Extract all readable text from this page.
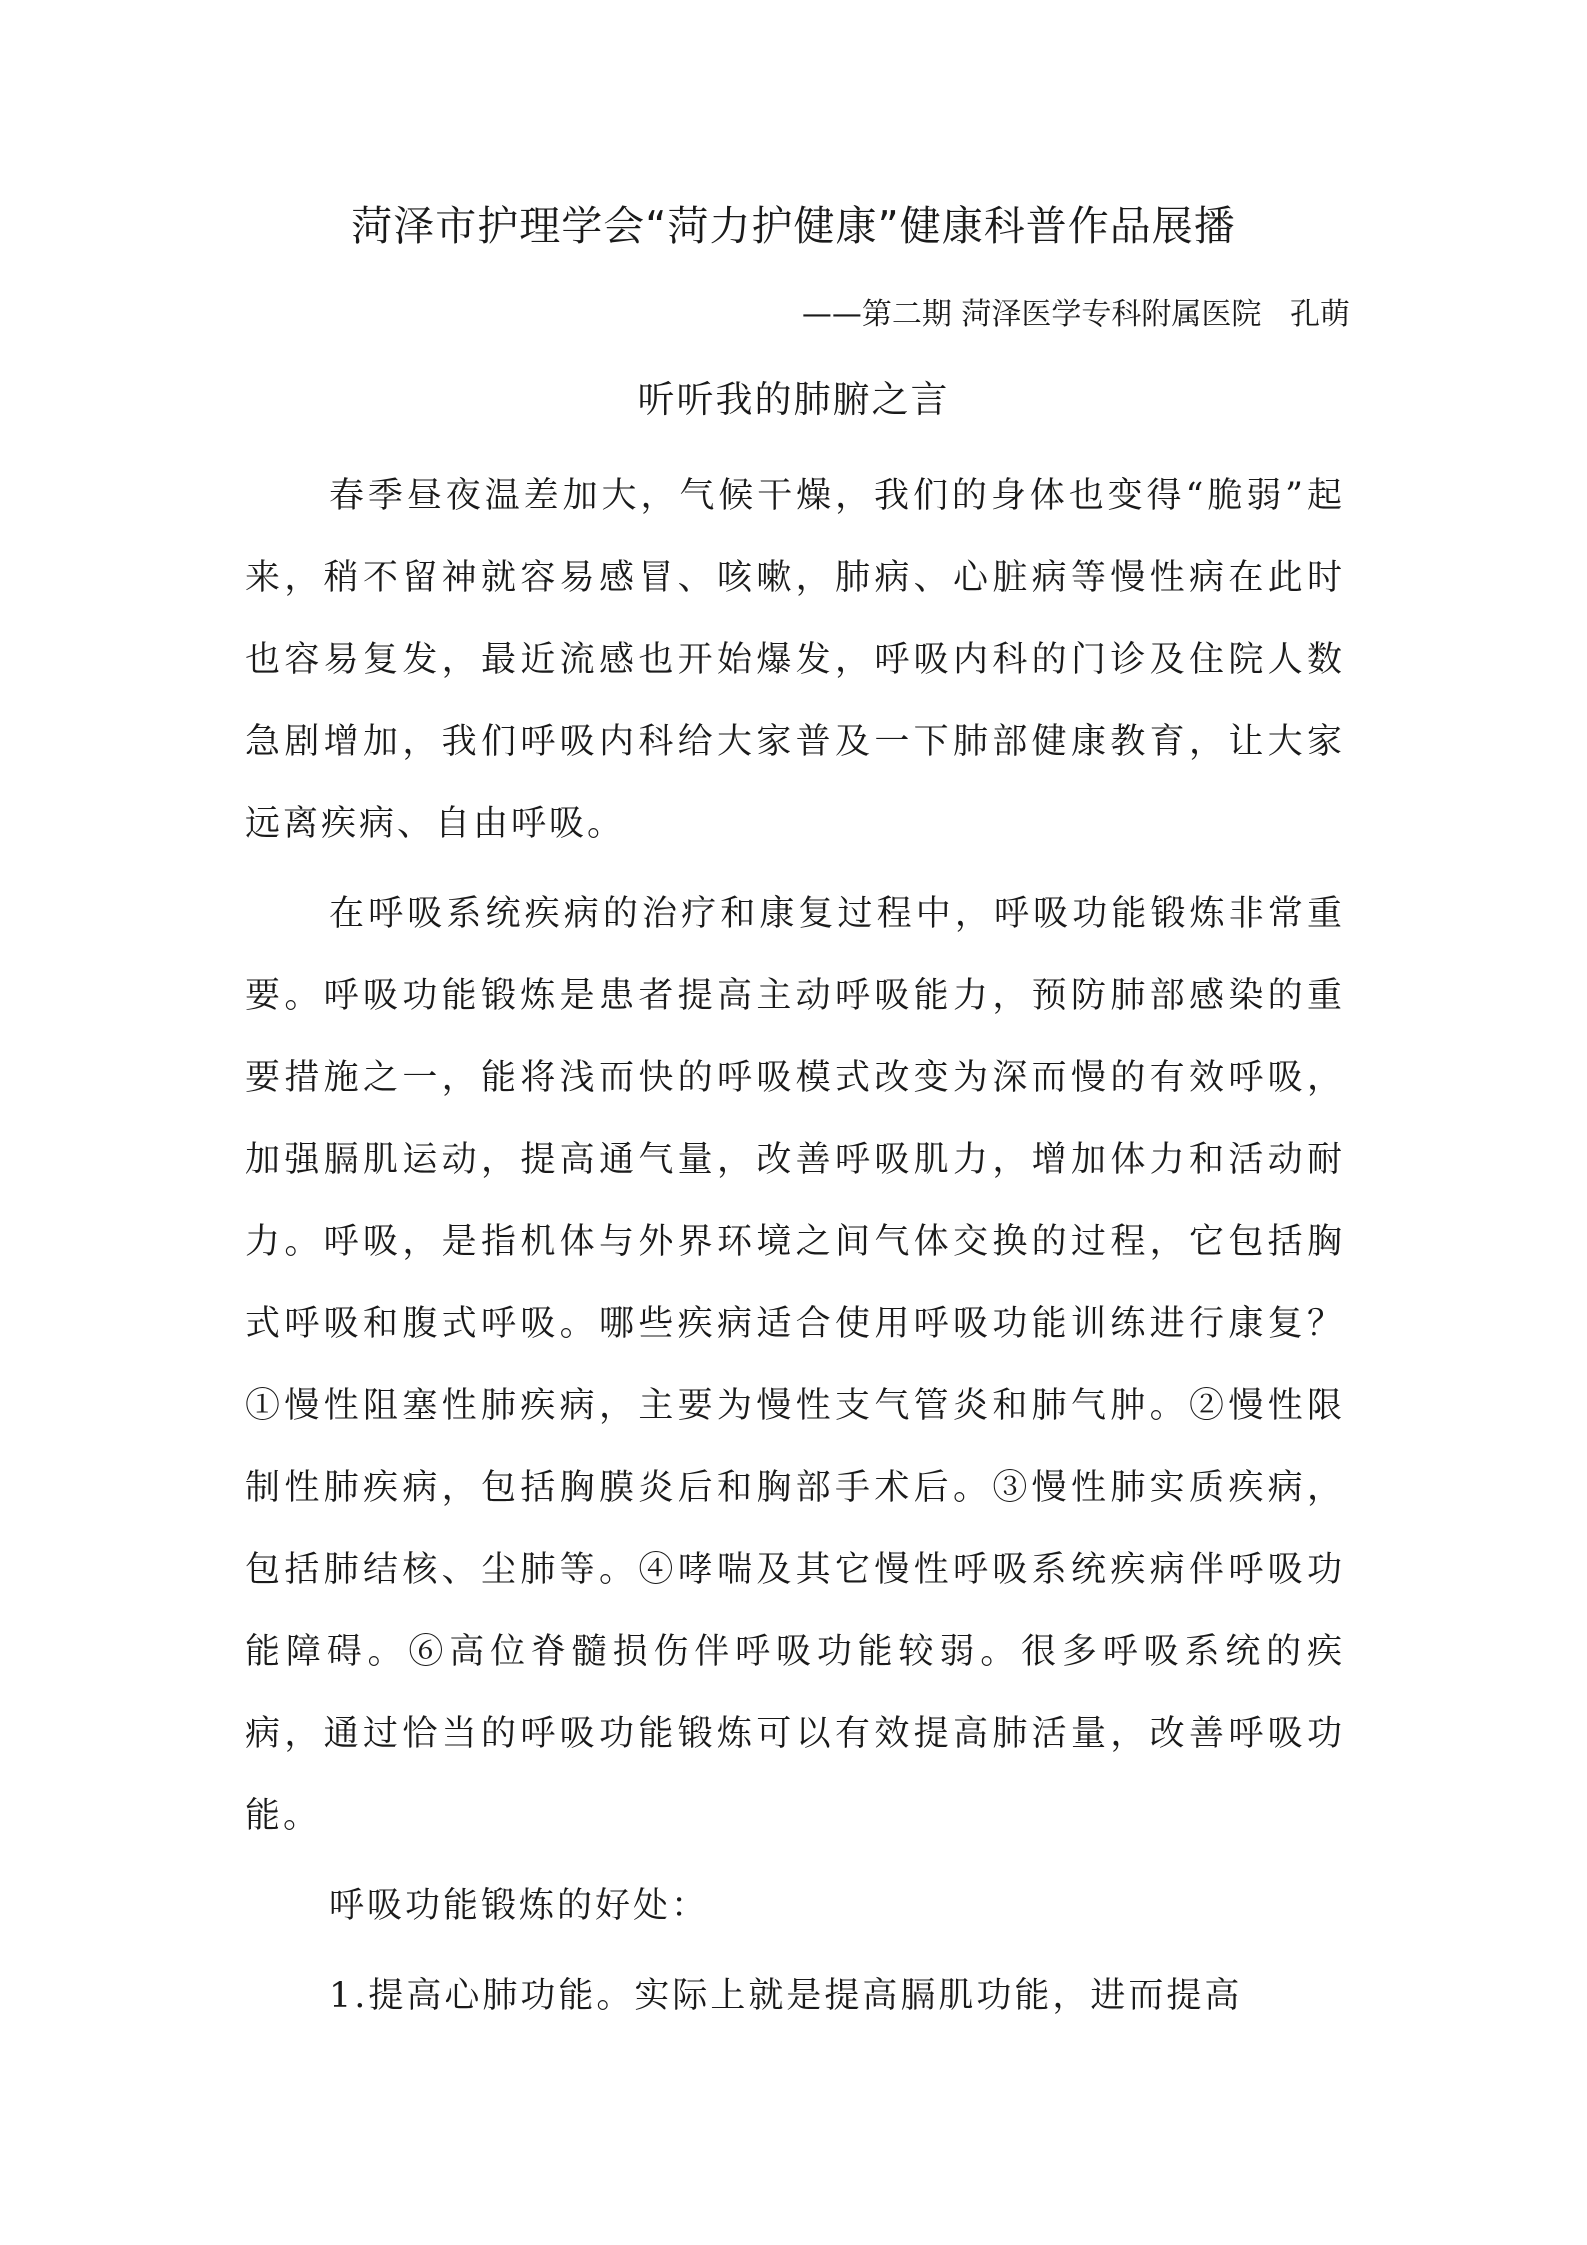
菏泽市护理学会“菏力护健康”健康科普作品展播
——第二期 菏泽医学专科附属医院   孔萌
听听我的肺腑之言

春季昼夜温差加大，气候干燥，我们的身体也变得“脆弱”起来，稍不留神就容易感冒、咳嗽，肺病、心脏病等慢性病在此时也容易复发，最近流感也开始爆发，呼吸内科的门诊及住院人数急剧增加，我们呼吸内科给大家普及一下肺部健康教育，让大家远离疾病、自由呼吸。

在呼吸系统疾病的治疗和康复过程中，呼吸功能锻炼非常重要。呼吸功能锻炼是患者提高主动呼吸能力，预防肺部感染的重要措施之一，能将浅而快的呼吸模式改变为深而慢的有效呼吸，加强膈肌运动，提高通气量，改善呼吸肌力，增加体力和活动耐力。呼吸，是指机体与外界环境之间气体交换的过程，它包括胸式呼吸和腹式呼吸。哪些疾病适合使用呼吸功能训练进行康复？①慢性阻塞性肺疾病，主要为慢性支气管炎和肺气肿。②慢性限制性肺疾病，包括胸膜炎后和胸部手术后。③慢性肺实质疾病，包括肺结核、尘肺等。④哮喘及其它慢性呼吸系统疾病伴呼吸功能障碍。⑥高位脊髓损伤伴呼吸功能较弱。很多呼吸系统的疾病，通过恰当的呼吸功能锻炼可以有效提高肺活量，改善呼吸功能。

呼吸功能锻炼的好处：

1.提高心肺功能。实际上就是提高膈肌功能，进而提高
